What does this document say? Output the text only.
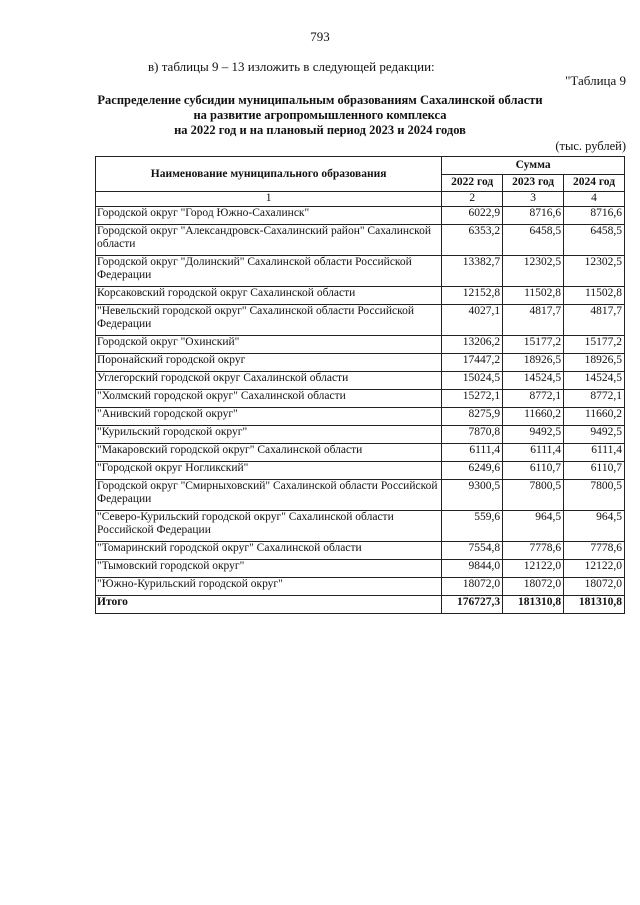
793
в) таблицы 9 – 13 изложить в следующей редакции:
"Таблица 9
Распределение субсидии муниципальным образованиям Сахалинской области
на развитие агропромышленного комплекса
на 2022 год и на плановый период 2023 и 2024 годов
(тыс. рублей)
Наименование муниципального образования	Сумма		
	2022 год	2023 год	2024 год
1	2	3	4
Городской округ "Город Южно-Сахалинск"	6022,9	8716,6	8716,6
Городской округ "Александровск-Сахалинский район" Сахалинской области	6353,2	6458,5	6458,5
Городской округ "Долинский" Сахалинской области Российской Федерации	13382,7	12302,5	12302,5
Корсаковский городской округ Сахалинской области	12152,8	11502,8	11502,8
"Невельский городской округ" Сахалинской области Российской Федерации	4027,1	4817,7	4817,7
Городской округ "Охинский"	13206,2	15177,2	15177,2
Поронайский городской округ	17447,2	18926,5	18926,5
Углегорский городской округ Сахалинской области	15024,5	14524,5	14524,5
"Холмский городской округ" Сахалинской области	15272,1	8772,1	8772,1
"Анивский городской округ"	8275,9	11660,2	11660,2
"Курильский городской округ"	7870,8	9492,5	9492,5
"Макаровский городской округ" Сахалинской области	6111,4	6111,4	6111,4
"Городской округ Ногликский"	6249,6	6110,7	6110,7
Городской округ "Смирныховский" Сахалинской области Российской Федерации	9300,5	7800,5	7800,5
"Северо-Курильский городской округ" Сахалинской области Российской Федерации	559,6	964,5	964,5
"Томаринский городской округ" Сахалинской области	7554,8	7778,6	7778,6
"Тымовский городской округ"	9844,0	12122,0	12122,0
"Южно-Курильский городской округ"	18072,0	18072,0	18072,0
Итого	176727,3	181310,8	181310,8
